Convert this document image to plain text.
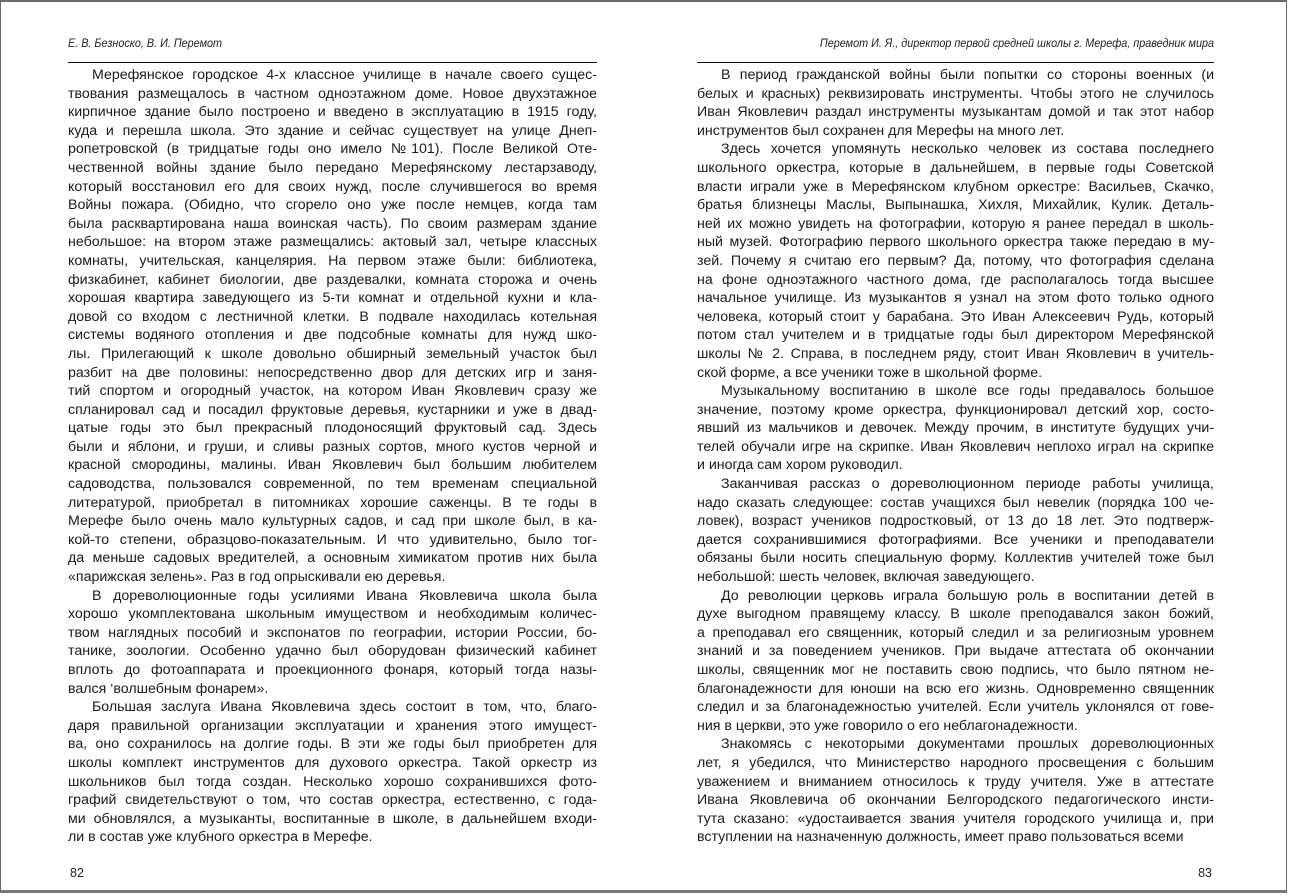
Е. В. Безноско, В. И. Перемот

Мерефянское городское 4-х классное училище в начале своего сущес-
твования размещалось в частном одноэтажном доме. Новое двухэтажное
кирпичное здание было построено и введено в эксплуатацию в 1915 году,
куда и перешла школа. Это здание и сейчас существует на улице Днеп-
ропетровской (в тридцатые годы оно имело №101). После Великой Оте-
чественной войны здание было передано Мерефянскому лестарзаводу,
который восстановил его для своих нужд, после случившегося во время
Войны пожара. (Обидно, что сгорело оно уже после немцев, когда там
была расквартирована наша воинская часть). По своим размерам здание
небольшое: на втором этаже размещались: актовый зал, четыре классных
комнаты, учительская, канцелярия. На первом этаже были: библиотека,
физкабинет, кабинет биологии, две раздевалки, комната сторожа и очень
хорошая квартира заведующего из 5-ти комнат и отдельной кухни и кла-
довой со входом с лестничной клетки. В подвале находилась котельная
системы водяного отопления и две подсобные комнаты для нужд шко-
лы. Прилегающий к школе довольно обширный земельный участок был
разбит на две половины: непосредственно двор для детских игр и заня-
тий спортом и огородный участок, на котором Иван Яковлевич сразу же
спланировал сад и посадил фруктовые деревья, кустарники и уже в двад-
цатые годы это был прекрасный плодоносящий фруктовый сад. Здесь
были и яблони, и груши, и сливы разных сортов, много кустов черной и
красной смородины, малины. Иван Яковлевич был большим любителем
садоводства, пользовался современной, по тем временам специальной
литературой, приобретал в питомниках хорошие саженцы. В те годы в
Мерефе было очень мало культурных садов, и сад при школе был, в ка-
кой-то степени, образцово-показательным. И что удивительно, было тог-
да меньше садовых вредителей, а основным химикатом против них была
«парижская зелень». Раз в год опрыскивали ею деревья.

В дореволюционные годы усилиями Ивана Яковлевича школа была
хорошо укомплектована школьным имуществом и необходимым количес-
твом наглядных пособий и экспонатов по географии, истории России, бо-
танике, зоологии. Особенно удачно был оборудован физический кабинет
вплоть до фотоаппарата и проекционного фонаря, который тогда назы-
вался ‘волшебным фонарем».

Большая заслуга Ивана Яковлевича здесь состоит в том, что, благо-
даря правильной организации эксплуатации и хранения этого имущест-
ва, оно сохранилось на долгие годы. В эти же годы был приобретен для
школы комплект инструментов для духового оркестра. Такой оркестр из
школьников был тогда создан. Несколько хорошо сохранившихся фото-
графий свидетельствуют о том, что состав оркестра, естественно, с года-
ми обновлялся, а музыканты, воспитанные в школе, в дальнейшем входи-
ли в состав уже клубного оркестра в Мерефе.

82
Перемот И. Я., директор первой средней школы г. Мерефа, праведник мира

В период гражданской войны были попытки со стороны военных (и
белых и красных) реквизировать инструменты. Чтобы этого не случилось
Иван Яковлевич раздал инструменты музыкантам домой и так этот набор
инструментов был сохранен для Мерефы на много лет.

Здесь хочется упомянуть несколько человек из состава последнего
школьного оркестра, которые в дальнейшем, в первые годы Советской
власти играли уже в Мерефянском клубном оркестре: Васильев, Скачко,
братья близнецы Маслы, Выпынашка, Хихля, Михайлик, Кулик. Деталь-
ней их можно увидеть на фотографии, которую я ранее передал в школь-
ный музей. Фотографию первого школьного оркестра также передаю в му-
зей. Почему я считаю его первым? Да, потому, что фотография сделана
на фоне одноэтажного частного дома, где располагалось тогда высшее
начальное училище. Из музыкантов я узнал на этом фото только одного
человека, который стоит у барабана. Это Иван Алексеевич Рудь, который
потом стал учителем и в тридцатые годы был директором Мерефянской
школы № 2. Справа, в последнем ряду, стоит Иван Яковлевич в учитель-
ской форме, а все ученики тоже в школьной форме.

Музыкальному воспитанию в школе все годы предавалось большое
значение, поэтому кроме оркестра, функционировал детский хор, состо-
явший из мальчиков и девочек. Между прочим, в институте будущих учи-
телей обучали игре на скрипке. Иван Яковлевич неплохо играл на скрипке
и иногда сам хором руководил.

Заканчивая рассказ о дореволюционном периоде работы училища,
надо сказать следующее: состав учащихся был невелик (порядка 100 че-
ловек), возраст учеников подростковый, от 13 до 18 лет. Это подтверж-
дается сохранившимися фотографиями. Все ученики и преподаватели
обязаны были носить специальную форму. Коллектив учителей тоже был
небольшой: шесть человек, включая заведующего.

До революции церковь играла большую роль в воспитании детей в
духе выгодном правящему классу. В школе преподавался закон божий,
а преподавал его священник, который следил и за религиозным уровнем
знаний и за поведением учеников. При выдаче аттестата об окончании
школы, священник мог не поставить свою подпись, что было пятном не-
благонадежности для юноши на всю его жизнь. Одновременно священник
следил и за благонадежностью учителей. Если учитель уклонялся от гове-
ния в церкви, это уже говорило о его неблагонадежности.

Знакомясь с некоторыми документами прошлых дореволюционных
лет, я убедился, что Министерство народного просвещения с большим
уважением и вниманием относилось к труду учителя. Уже в аттестате
Ивана Яковлевича об окончании Белгородского педагогического инсти-
тута сказано: «удостаивается звания учителя городского училища и, при
вступлении на назначенную должность, имеет право пользоваться всеми

83
